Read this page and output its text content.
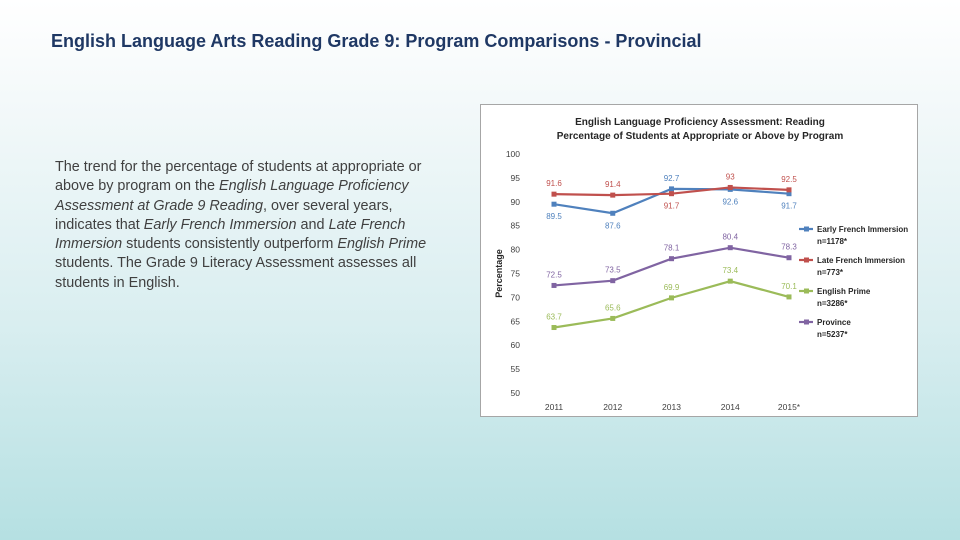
English Language Arts Reading Grade 9: Program Comparisons - Provincial
The trend for the percentage of students at appropriate or above by program on the English Language Proficiency Assessment at Grade 9 Reading, over several years, indicates that Early French Immersion and Late French Immersion students consistently outperform English Prime students. The Grade 9 Literacy Assessment assesses all students in English.
English Language Proficiency Assessment: Reading
Percentage of Students at Appropriate or Above by Program
Percentage
100
95
90
85
80
75
70
65
60
55
50
2011	2012	2013	2014	2015*
89.5
87.6
92.7
92.6	91.7
91.6	91.4
91.7
93	92.5
63.7
65.6
69.9
73.4
70.1
72.5
73.5
78.1
80.4
78.3
Early French Immersion
n=1178*
Late French Immersion
n=773*
English Prime
n=3286*
Province
n=5237*
